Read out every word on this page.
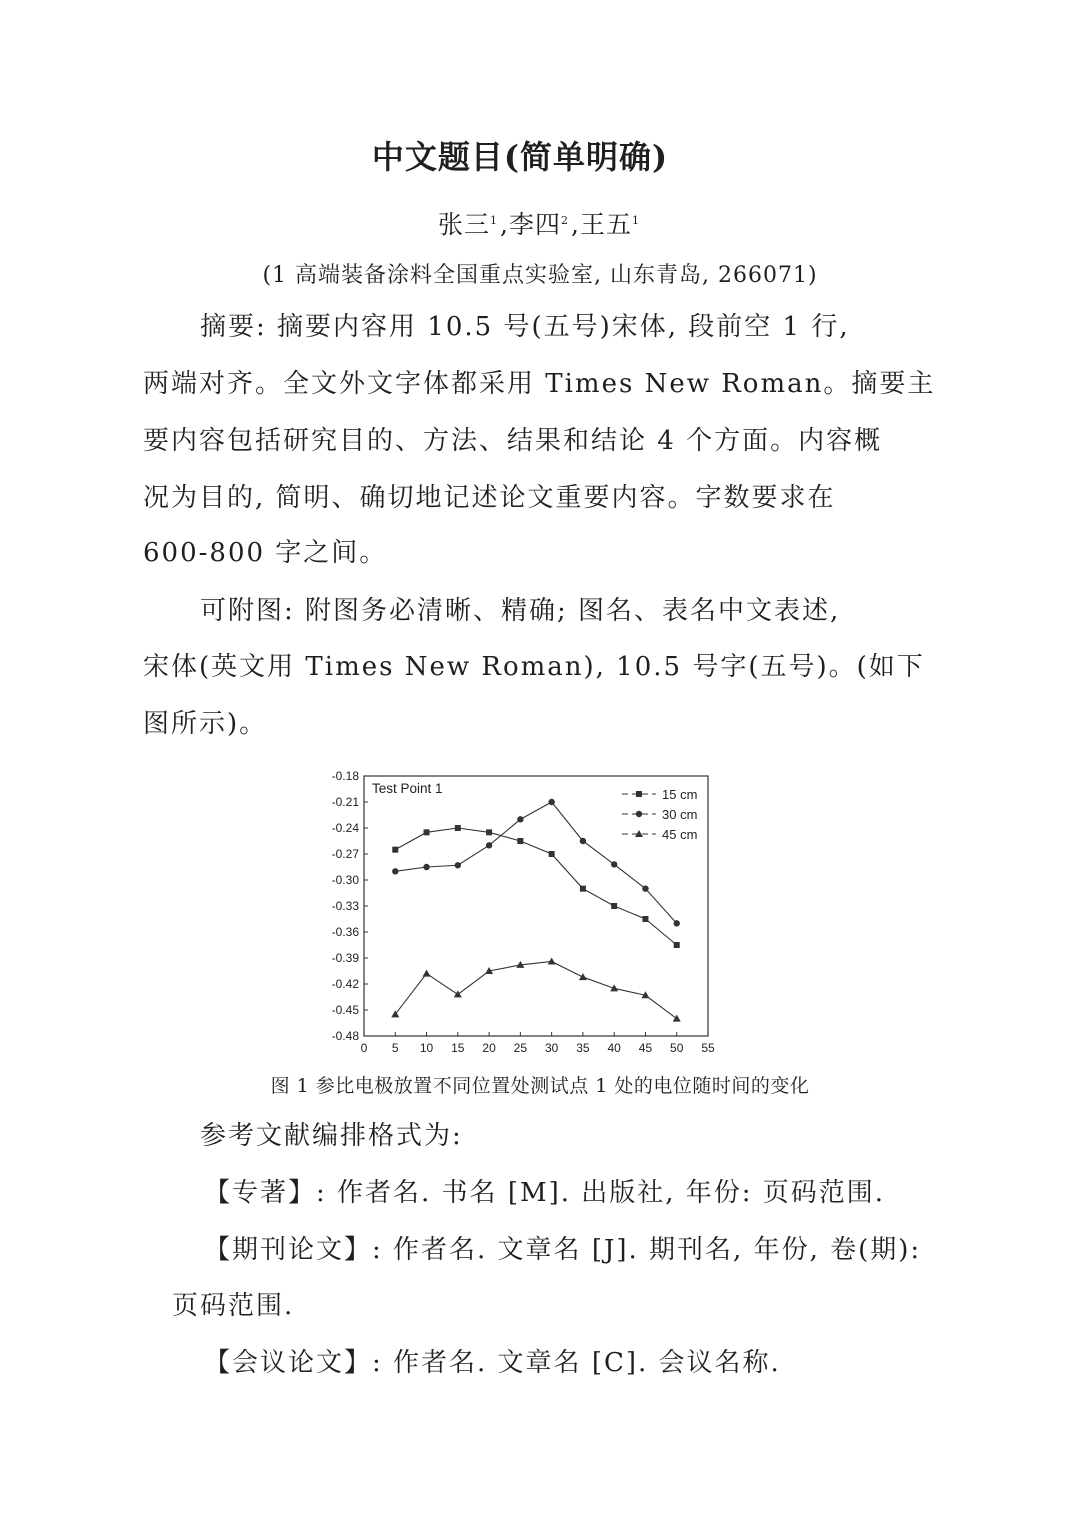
中文题目(简单明确)
张三$^1$,李四$^2$,王五$^1$
(1 高端装备涂料全国重点实验室, 山东青岛, 266071)
摘要: 摘要内容用 10.5 号(五号)宋体, 段前空 1 行,
两端对齐。全文外文字体都采用 Times New Roman。摘要主
要内容包括研究目的、方法、结果和结论 4 个方面。内容概
况为目的, 简明、确切地记述论文重要内容。字数要求在
600-800 字之间。
可附图: 附图务必清晰、精确; 图名、表名中文表述,
宋体(英文用 Times New Roman), 10.5 号字(五号)。(如下
图所示)。
-0.18
-0.21
-0.24
-0.27
-0.30
-0.33
-0.36
-0.39
-0.42
-0.45
-0.48
0 5 10 15 20 25 30 35 40 45 50 55
Test Point 1	15 cm
30 cm
45 cm
图 1 参比电极放置不同位置处测试点 1 处的电位随时间的变化
参考文献编排格式为:
【专著】: 作者名. 书名 [M]. 出版社, 年份: 页码范围.
【期刊论文】: 作者名. 文章名 [J]. 期刊名, 年份, 卷(期):
页码范围.
【会议论文】: 作者名. 文章名 [C]. 会议名称.
